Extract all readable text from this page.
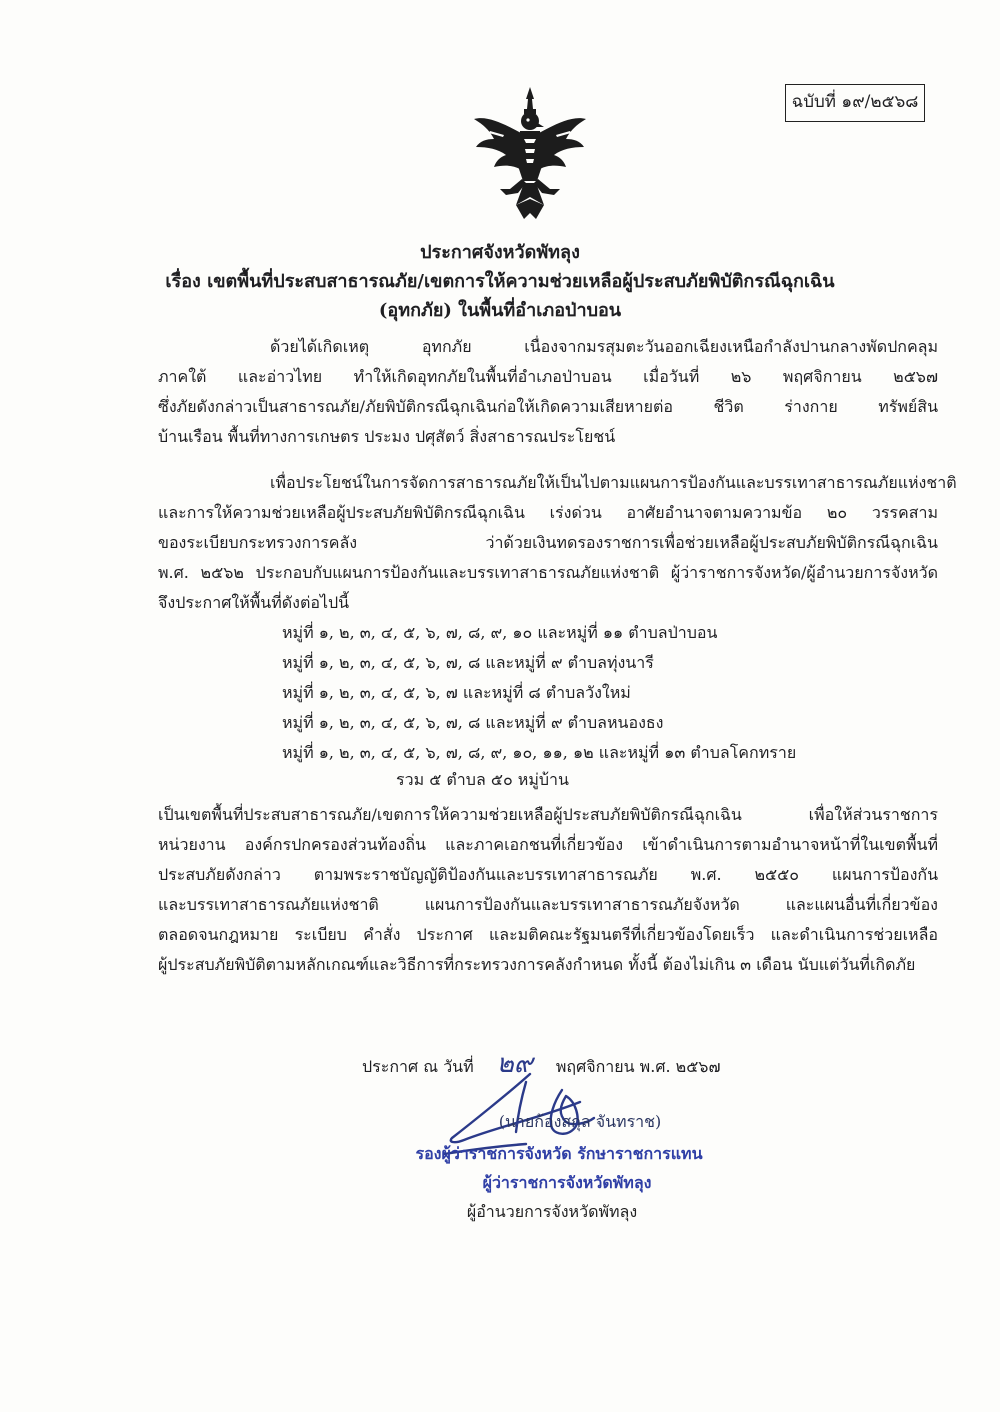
ฉบับที่ ๑๙/๒๕๖๘
ประกาศจังหวัดพัทลุง
เรื่อง เขตพื้นที่ประสบสาธารณภัย/เขตการให้ความช่วยเหลือผู้ประสบภัยพิบัติกรณีฉุกเฉิน
(อุทกภัย) ในพื้นที่อำเภอป่าบอน
ด้วยได้เกิดเหตุ อุทกภัย เนื่องจากมรสุมตะวันออกเฉียงเหนือกำลังปานกลางพัดปกคลุม
ภาคใต้ และอ่าวไทย ทำให้เกิดอุทกภัยในพื้นที่อำเภอป่าบอน เมื่อวันที่ ๒๖ พฤศจิกายน ๒๕๖๗
ซึ่งภัยดังกล่าวเป็นสาธารณภัย/ภัยพิบัติกรณีฉุกเฉินก่อให้เกิดความเสียหายต่อ ชีวิต ร่างกาย ทรัพย์สิน
บ้านเรือน พื้นที่ทางการเกษตร ประมง ปศุสัตว์ สิ่งสาธารณประโยชน์
เพื่อประโยชน์ในการจัดการสาธารณภัยให้เป็นไปตามแผนการป้องกันและบรรเทาสาธารณภัยแห่งชาติ
และการให้ความช่วยเหลือผู้ประสบภัยพิบัติกรณีฉุกเฉิน เร่งด่วน อาศัยอำนาจตามความข้อ ๒๐ วรรคสาม
ของระเบียบกระทรวงการคลัง ว่าด้วยเงินทดรองราชการเพื่อช่วยเหลือผู้ประสบภัยพิบัติกรณีฉุกเฉิน
พ.ศ. ๒๕๖๒ ประกอบกับแผนการป้องกันและบรรเทาสาธารณภัยแห่งชาติ ผู้ว่าราชการจังหวัด/ผู้อำนวยการจังหวัด
จึงประกาศให้พื้นที่ดังต่อไปนี้
หมู่ที่ ๑, ๒, ๓, ๔, ๕, ๖, ๗, ๘, ๙, ๑๐ และหมู่ที่ ๑๑ ตำบลป่าบอน
หมู่ที่ ๑, ๒, ๓, ๔, ๕, ๖, ๗, ๘ และหมู่ที่ ๙ ตำบลทุ่งนารี
หมู่ที่ ๑, ๒, ๓, ๔, ๕, ๖, ๗ และหมู่ที่ ๘ ตำบลวังใหม่
หมู่ที่ ๑, ๒, ๓, ๔, ๕, ๖, ๗, ๘ และหมู่ที่ ๙ ตำบลหนองธง
หมู่ที่ ๑, ๒, ๓, ๔, ๕, ๖, ๗, ๘, ๙, ๑๐, ๑๑, ๑๒ และหมู่ที่ ๑๓ ตำบลโคกทราย
รวม ๕ ตำบล ๕๐ หมู่บ้าน
เป็นเขตพื้นที่ประสบสาธารณภัย/เขตการให้ความช่วยเหลือผู้ประสบภัยพิบัติกรณีฉุกเฉิน เพื่อให้ส่วนราชการ
หน่วยงาน องค์กรปกครองส่วนท้องถิ่น และภาคเอกชนที่เกี่ยวข้อง เข้าดำเนินการตามอำนาจหน้าที่ในเขตพื้นที่
ประสบภัยดังกล่าว ตามพระราชบัญญัติป้องกันและบรรเทาสาธารณภัย พ.ศ. ๒๕๕๐ แผนการป้องกัน
และบรรเทาสาธารณภัยแห่งชาติ แผนการป้องกันและบรรเทาสาธารณภัยจังหวัด และแผนอื่นที่เกี่ยวข้อง
ตลอดจนกฎหมาย ระเบียบ คำสั่ง ประกาศ และมติคณะรัฐมนตรีที่เกี่ยวข้องโดยเร็ว และดำเนินการช่วยเหลือ
ผู้ประสบภัยพิบัติตามหลักเกณฑ์และวิธีการที่กระทรวงการคลังกำหนด ทั้งนี้ ต้องไม่เกิน ๓ เดือน นับแต่วันที่เกิดภัย
ประกาศ ณ วันที่ ๒๙ พฤศจิกายน พ.ศ. ๒๕๖๗
(นายก้องสกุล จันทราช)
รองผู้ว่าราชการจังหวัด รักษาราชการแทน
ผู้ว่าราชการจังหวัดพัทลุง
ผู้อำนวยการจังหวัดพัทลุง
